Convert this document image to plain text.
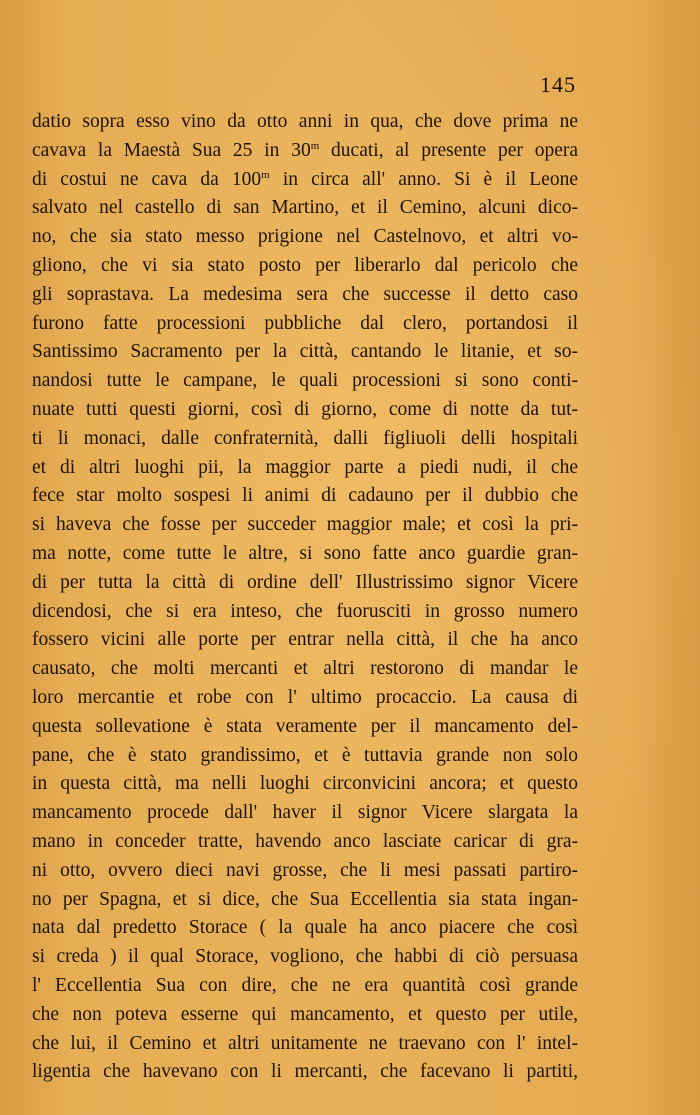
145
datio sopra esso vino da otto anni in qua, che dove prima ne
cavava la Maestà Sua 25 in 30$^m$ ducati, al presente per opera
di costui ne cava da 100$^m$ in circa all' anno. Si è il Leone
salvato nel castello di san Martino, et il Cemino, alcuni dico-
no, che sia stato messo prigione nel Castelnovo, et altri vo-
gliono, che vi sia stato posto per liberarlo dal pericolo che
gli soprastava. La medesima sera che successe il detto caso
furono fatte processioni pubbliche dal clero, portandosi il
Santissimo Sacramento per la città, cantando le litanie, et so-
nandosi tutte le campane, le quali processioni si sono conti-
nuate tutti questi giorni, così di giorno, come di notte da tut-
ti li monaci, dalle confraternità, dalli figliuoli delli hospitali
et di altri luoghi pii, la maggior parte a piedi nudi, il che
fece star molto sospesi li animi di cadauno per il dubbio che
si haveva che fosse per succeder maggior male; et così la pri-
ma notte, come tutte le altre, si sono fatte anco guardie gran-
di per tutta la città di ordine dell' Illustrissimo signor Vicere
dicendosi, che si era inteso, che fuorusciti in grosso numero
fossero vicini alle porte per entrar nella città, il che ha anco
causato, che molti mercanti et altri restorono di mandar le
loro mercantie et robe con l' ultimo procaccio. La causa di
questa sollevatione è stata veramente per il mancamento del-
pane, che è stato grandissimo, et è tuttavia grande non solo
in questa città, ma nelli luoghi circonvicini ancora; et questo
mancamento procede dall' haver il signor Vicere slargata la
mano in conceder tratte, havendo anco lasciate caricar di gra-
ni otto, ovvero dieci navi grosse, che li mesi passati partiro-
no per Spagna, et si dice, che Sua Eccellentia sia stata ingan-
nata dal predetto Storace ( la quale ha anco piacere che così
si creda ) il qual Storace, vogliono, che habbi di ciò persuasa
l' Eccellentia Sua con dire, che ne era quantità così grande
che non poteva esserne qui mancamento, et questo per utile,
che lui, il Cemino et altri unitamente ne traevano con l' intel-
ligentia che havevano con li mercanti, che facevano li partiti,
